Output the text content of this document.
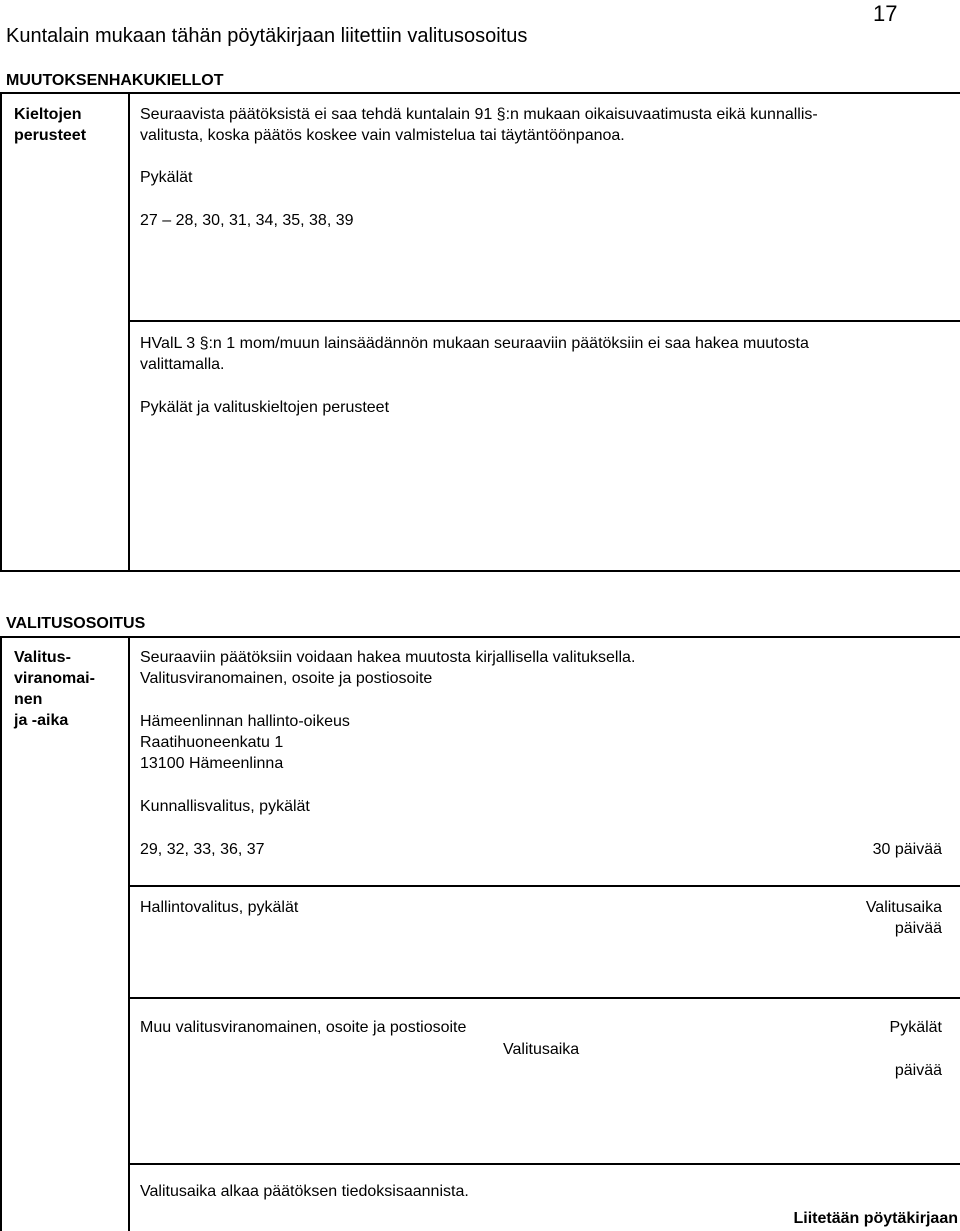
Kuntalain mukaan tähän pöytäkirjaan liitettiin valitusosoitus
17
MUUTOKSENHAKUKIELLOT
Kieltojen
perusteet
Seuraavista päätöksistä ei saa tehdä kuntalain 91 §:n mukaan oikaisuvaatimusta eikä kunnallis-
valitusta, koska päätös koskee vain valmistelua tai täytäntöönpanoa.
Pykälät
27 – 28, 30, 31, 34, 35, 38, 39
HValL 3 §:n 1 mom/muun lainsäädännön mukaan seuraaviin päätöksiin ei saa hakea muutosta
valittamalla.
Pykälät ja valituskieltojen perusteet
VALITUSOSOITUS
Valitus-
viranomai-
nen
ja -aika
Seuraaviin päätöksiin voidaan hakea muutosta kirjallisella valituksella.
Valitusviranomainen, osoite ja postiosoite
Hämeenlinnan hallinto-oikeus
Raatihuoneenkatu 1
13100 Hämeenlinna
Kunnallisvalitus, pykälät
29, 32, 33, 36, 37	30 päivää
Hallintovalitus, pykälät	Valitusaika
päivää
Muu valitusviranomainen, osoite ja postiosoite
Valitusaika
Pykälät
päivää
Valitusaika alkaa päätöksen tiedoksisaannista.
Liitetään pöytäkirjaan
